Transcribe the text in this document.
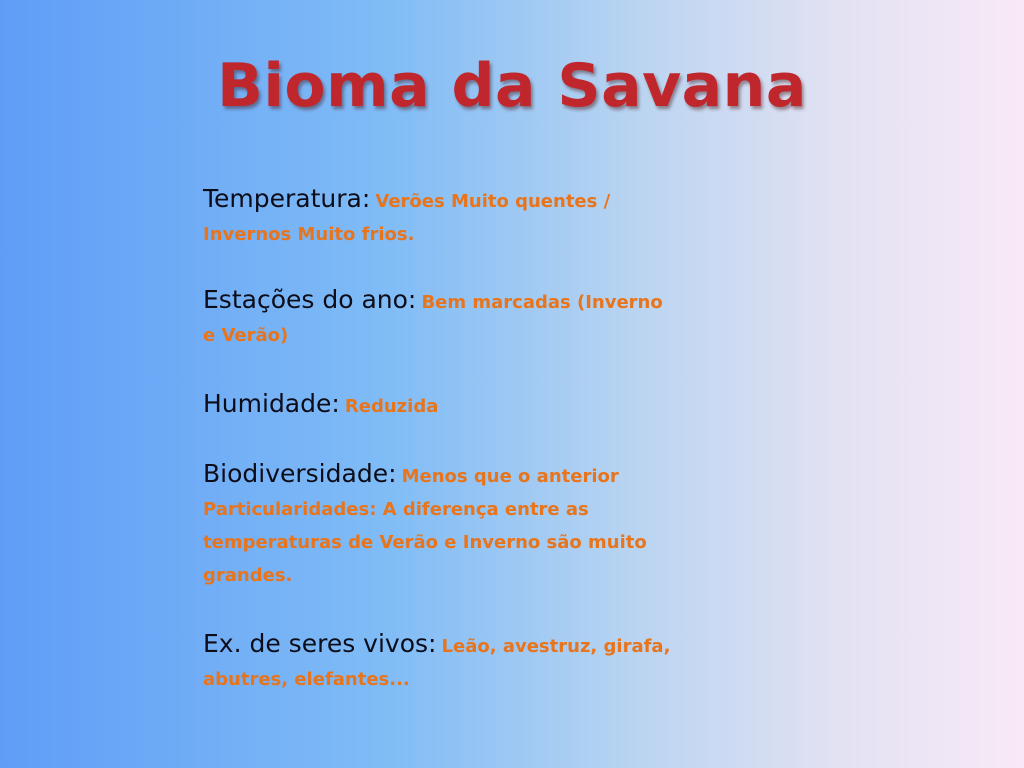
Bioma da Savana
Temperatura: Verões Muito quentes / Invernos Muito frios.
Estações do ano: Bem marcadas (Inverno e Verão)
Humidade: Reduzida
Biodiversidade: Menos que o anterior Particularidades: A diferença entre as temperaturas de Verão e Inverno são muito grandes.
Ex. de seres vivos: Leão, avestruz, girafa, abutres, elefantes...
